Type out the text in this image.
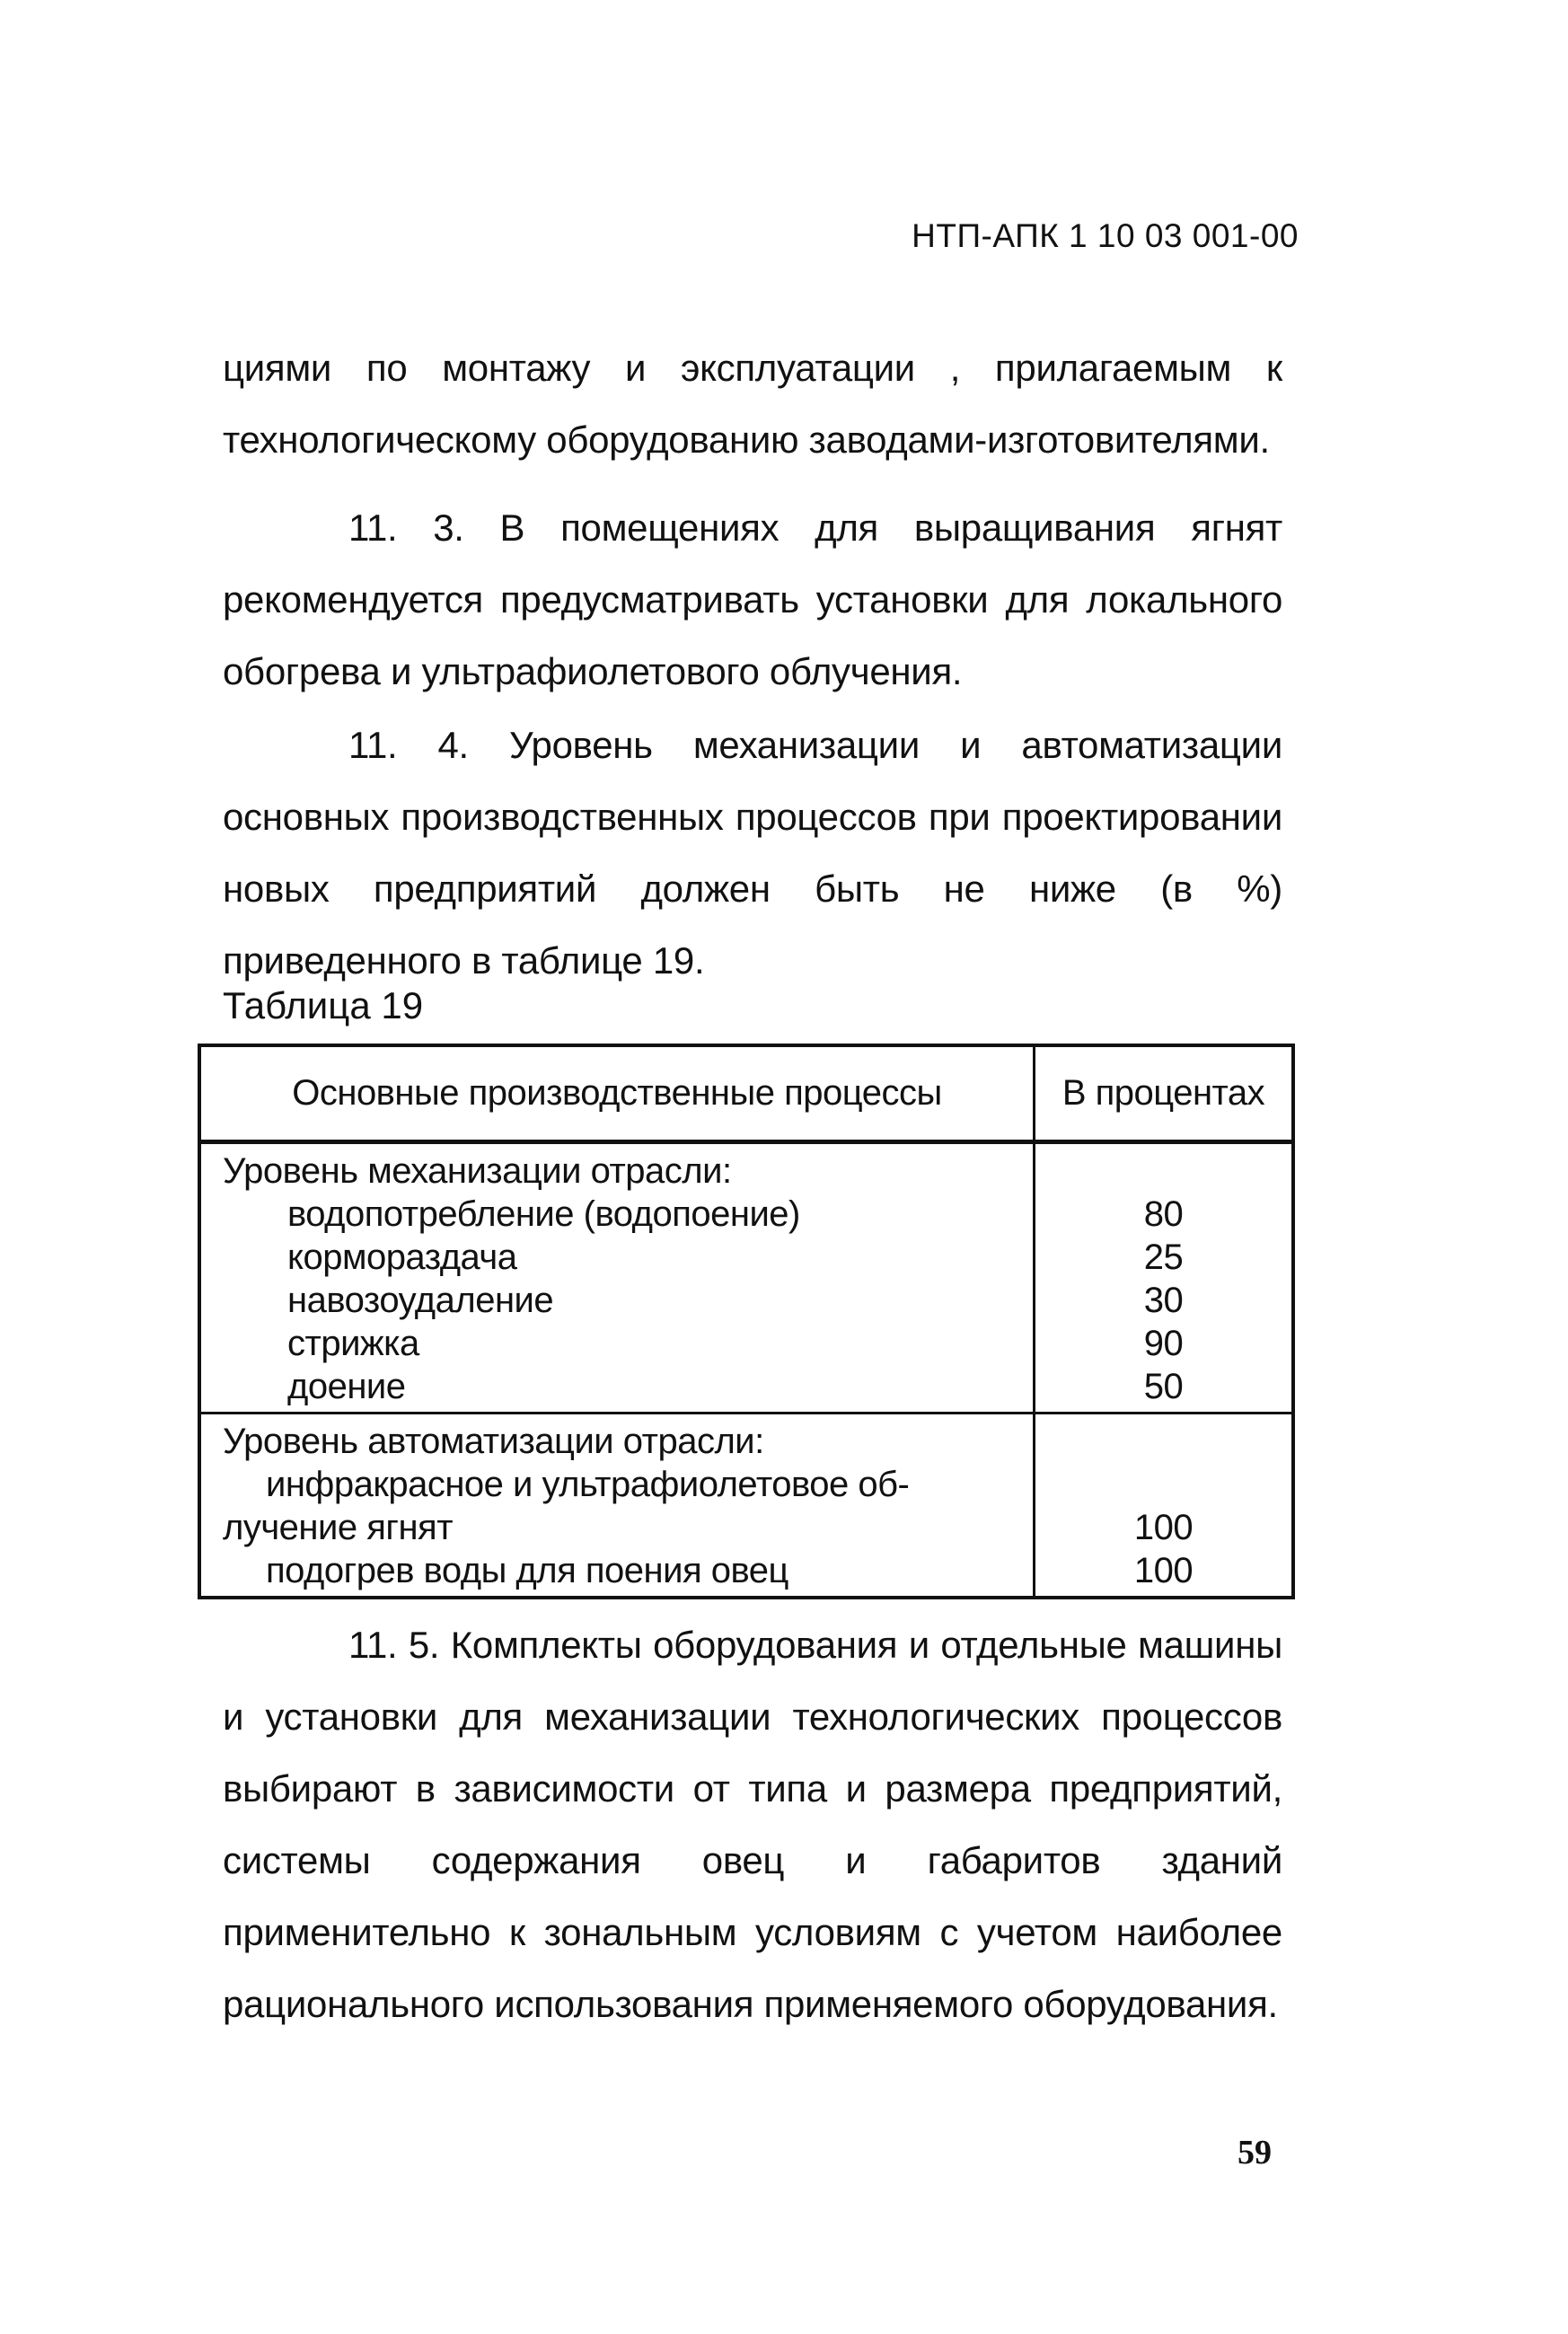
НТП-АПК 1 10 03 001-00

циями по монтажу и эксплуатации , прилагаемым к технологическому оборудованию заводами-изготовителями.

11. 3. В помещениях для выращивания ягнят рекомендуется предусматривать установки для локального обогрева и ультрафиолетового облучения.

11. 4. Уровень механизации и автоматизации основных производственных процессов при проектировании новых предприятий должен быть не ниже (в %) приведенного в таблице 19.

Таблица 19
Основные производственные процессы	В процентах
Уровень механизации отрасли:	
водопотребление (водопоение)	80
кормораздача	25
навозоудаление	30
стрижка	90
доение	50
Уровень автоматизации отрасли:	
инфракрасное и ультрафиолетовое об-	
лучение ягнят	100
подогрев воды для поения овец	100

11. 5. Комплекты оборудования и отдельные машины и установки для механизации технологических процессов выбирают в зависимости от типа и размера предприятий, системы содержания овец и габаритов зданий применительно к зональным условиям с учетом наиболее рационального использования применяемого оборудования.

59
